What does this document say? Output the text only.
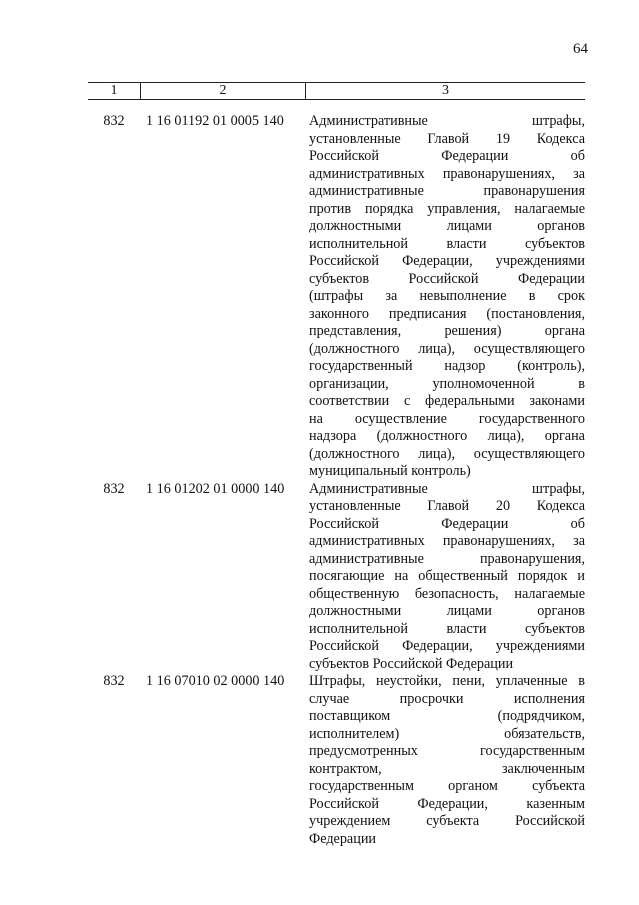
64
1	2	3
832	1 16 01192 01 0005 140	Административные штрафы,
установленные Главой 19 Кодекса
Российской Федерации об
административных правонарушениях, за
административные правонарушения
против порядка управления, налагаемые
должностными лицами органов
исполнительной власти субъектов
Российской Федерации, учреждениями
субъектов Российской Федерации
(штрафы за невыполнение в срок
законного предписания (постановления,
представления, решения) органа
(должностного лица), осуществляющего
государственный надзор (контроль),
организации, уполномоченной в
соответствии с федеральными законами
на осуществление государственного
надзора (должностного лица), органа
(должностного лица), осуществляющего
муниципальный контроль)
832	1 16 01202 01 0000 140	Административные штрафы,
установленные Главой 20 Кодекса
Российской Федерации об
административных правонарушениях, за
административные правонарушения,
посягающие на общественный порядок и
общественную безопасность, налагаемые
должностными лицами органов
исполнительной власти субъектов
Российской Федерации, учреждениями
субъектов Российской Федерации
832	1 16 07010 02 0000 140	Штрафы, неустойки, пени, уплаченные в
случае просрочки исполнения
поставщиком (подрядчиком,
исполнителем) обязательств,
предусмотренных государственным
контрактом, заключенным
государственным органом субъекта
Российской Федерации, казенным
учреждением субъекта Российской
Федерации
